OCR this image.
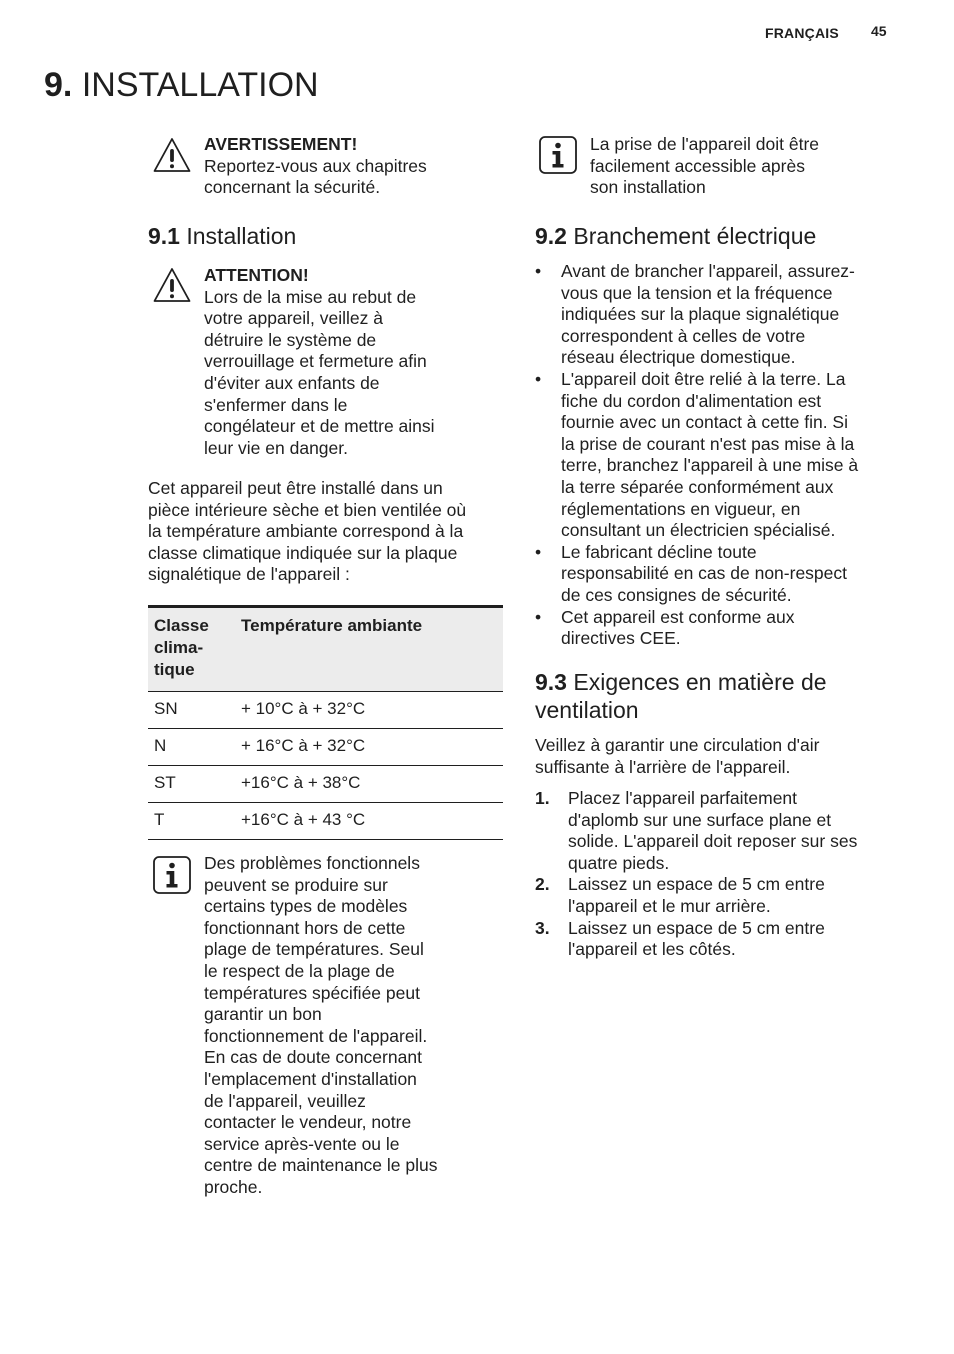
FRANÇAIS 45
9. INSTALLATION
AVERTISSEMENT!
Reportez-vous aux chapitres
concernant la sécurité.
La prise de l'appareil doit être
facilement accessible après
son installation
9.1 Installation
ATTENTION!
Lors de la mise au rebut de
votre appareil, veillez à
détruire le système de
verrouillage et fermeture afin
d'éviter aux enfants de
s'enfermer dans le
congélateur et de mettre ainsi
leur vie en danger.
Cet appareil peut être installé dans un
pièce intérieure sèche et bien ventilée où
la température ambiante correspond à la
classe climatique indiquée sur la plaque
signalétique de l'appareil :
Classe
clima-
tique	Température ambiante
SN	+ 10°C à + 32°C
N	+ 16°C à + 32°C
ST	+16°C à + 38°C
T	+16°C à + 43 °C
Des problèmes fonctionnels
peuvent se produire sur
certains types de modèles
fonctionnant hors de cette
plage de températures. Seul
le respect de la plage de
températures spécifiée peut
garantir un bon
fonctionnement de l'appareil.
En cas de doute concernant
l'emplacement d'installation
de l'appareil, veuillez
contacter le vendeur, notre
service après-vente ou le
centre de maintenance le plus
proche.
9.2 Branchement électrique
• Avant de brancher l'appareil, assurez-
vous que la tension et la fréquence
indiquées sur la plaque signalétique
correspondent à celles de votre
réseau électrique domestique.
• L'appareil doit être relié à la terre. La
fiche du cordon d'alimentation est
fournie avec un contact à cette fin. Si
la prise de courant n'est pas mise à la
terre, branchez l'appareil à une mise à
la terre séparée conformément aux
réglementations en vigueur, en
consultant un électricien spécialisé.
• Le fabricant décline toute
responsabilité en cas de non-respect
de ces consignes de sécurité.
• Cet appareil est conforme aux
directives CEE.
9.3 Exigences en matière de
ventilation
Veillez à garantir une circulation d'air
suffisante à l'arrière de l'appareil.
1. Placez l'appareil parfaitement
d'aplomb sur une surface plane et
solide. L'appareil doit reposer sur ses
quatre pieds.
2. Laissez un espace de 5 cm entre
l'appareil et le mur arrière.
3. Laissez un espace de 5 cm entre
l'appareil et les côtés.
